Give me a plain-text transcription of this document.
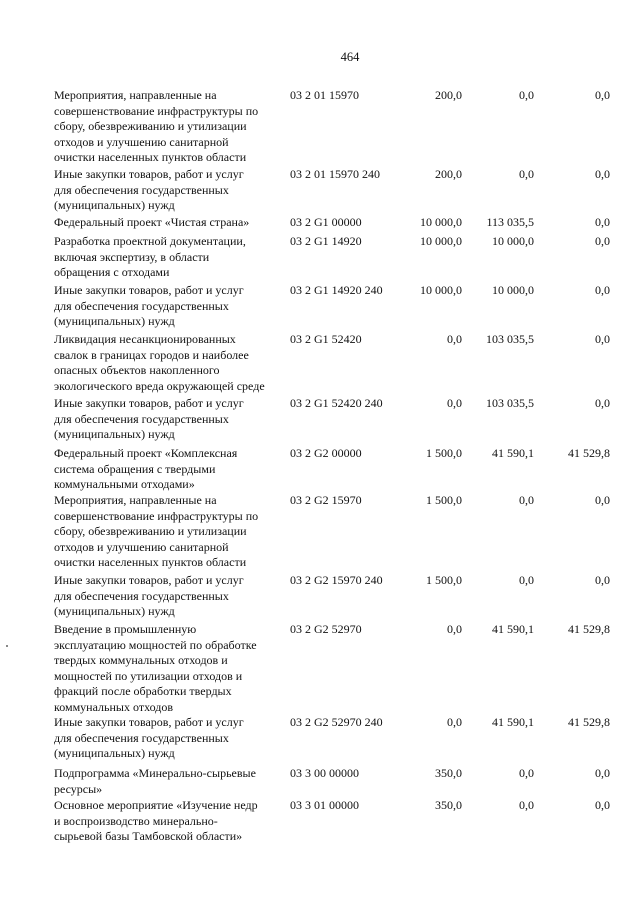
464
Мероприятия, направленные на
совершенствование инфраструктуры по
сбору, обезвреживанию и утилизации
отходов и улучшению санитарной
очистки населенных пунктов области
03 2 01 15970	200,0	0,0	0,0
Иные закупки товаров, работ и услуг
для обеспечения государственных
(муниципальных) нужд
03 2 01 15970 240	200,0	0,0	0,0
Федеральный проект «Чистая страна»	03 2 G1 00000	10 000,0	113 035,5	0,0
Разработка проектной документации,
включая экспертизу, в области
обращения с отходами
03 2 G1 14920	10 000,0	10 000,0	0,0
Иные закупки товаров, работ и услуг
для обеспечения государственных
(муниципальных) нужд
03 2 G1 14920 240	10 000,0	10 000,0	0,0
Ликвидация несанкционированных
свалок в границах городов и наиболее
опасных объектов накопленного
экологического вреда окружающей среде
03 2 G1 52420	0,0	103 035,5	0,0
Иные закупки товаров, работ и услуг
для обеспечения государственных
(муниципальных) нужд
03 2 G1 52420 240	0,0	103 035,5	0,0
Федеральный проект «Комплексная
система обращения с твердыми
коммунальными отходами»
03 2 G2 00000	1 500,0	41 590,1	41 529,8
Мероприятия, направленные на
совершенствование инфраструктуры по
сбору, обезвреживанию и утилизации
отходов и улучшению санитарной
очистки населенных пунктов области
03 2 G2 15970	1 500,0	0,0	0,0
Иные закупки товаров, работ и услуг
для обеспечения государственных
(муниципальных) нужд
03 2 G2 15970 240	1 500,0	0,0	0,0
Введение в промышленную
эксплуатацию мощностей по обработке
твердых коммунальных отходов и
мощностей по утилизации отходов и
фракций после обработки твердых
коммунальных отходов
03 2 G2 52970	0,0	41 590,1	41 529,8
Иные закупки товаров, работ и услуг
для обеспечения государственных
(муниципальных) нужд
03 2 G2 52970 240	0,0	41 590,1	41 529,8
Подпрограмма «Минерально-сырьевые
ресурсы»
03 3 00 00000	350,0	0,0	0,0
Основное мероприятие «Изучение недр
и воспроизводство минерально-
сырьевой базы Тамбовской области»
03 3 01 00000	350,0	0,0	0,0
